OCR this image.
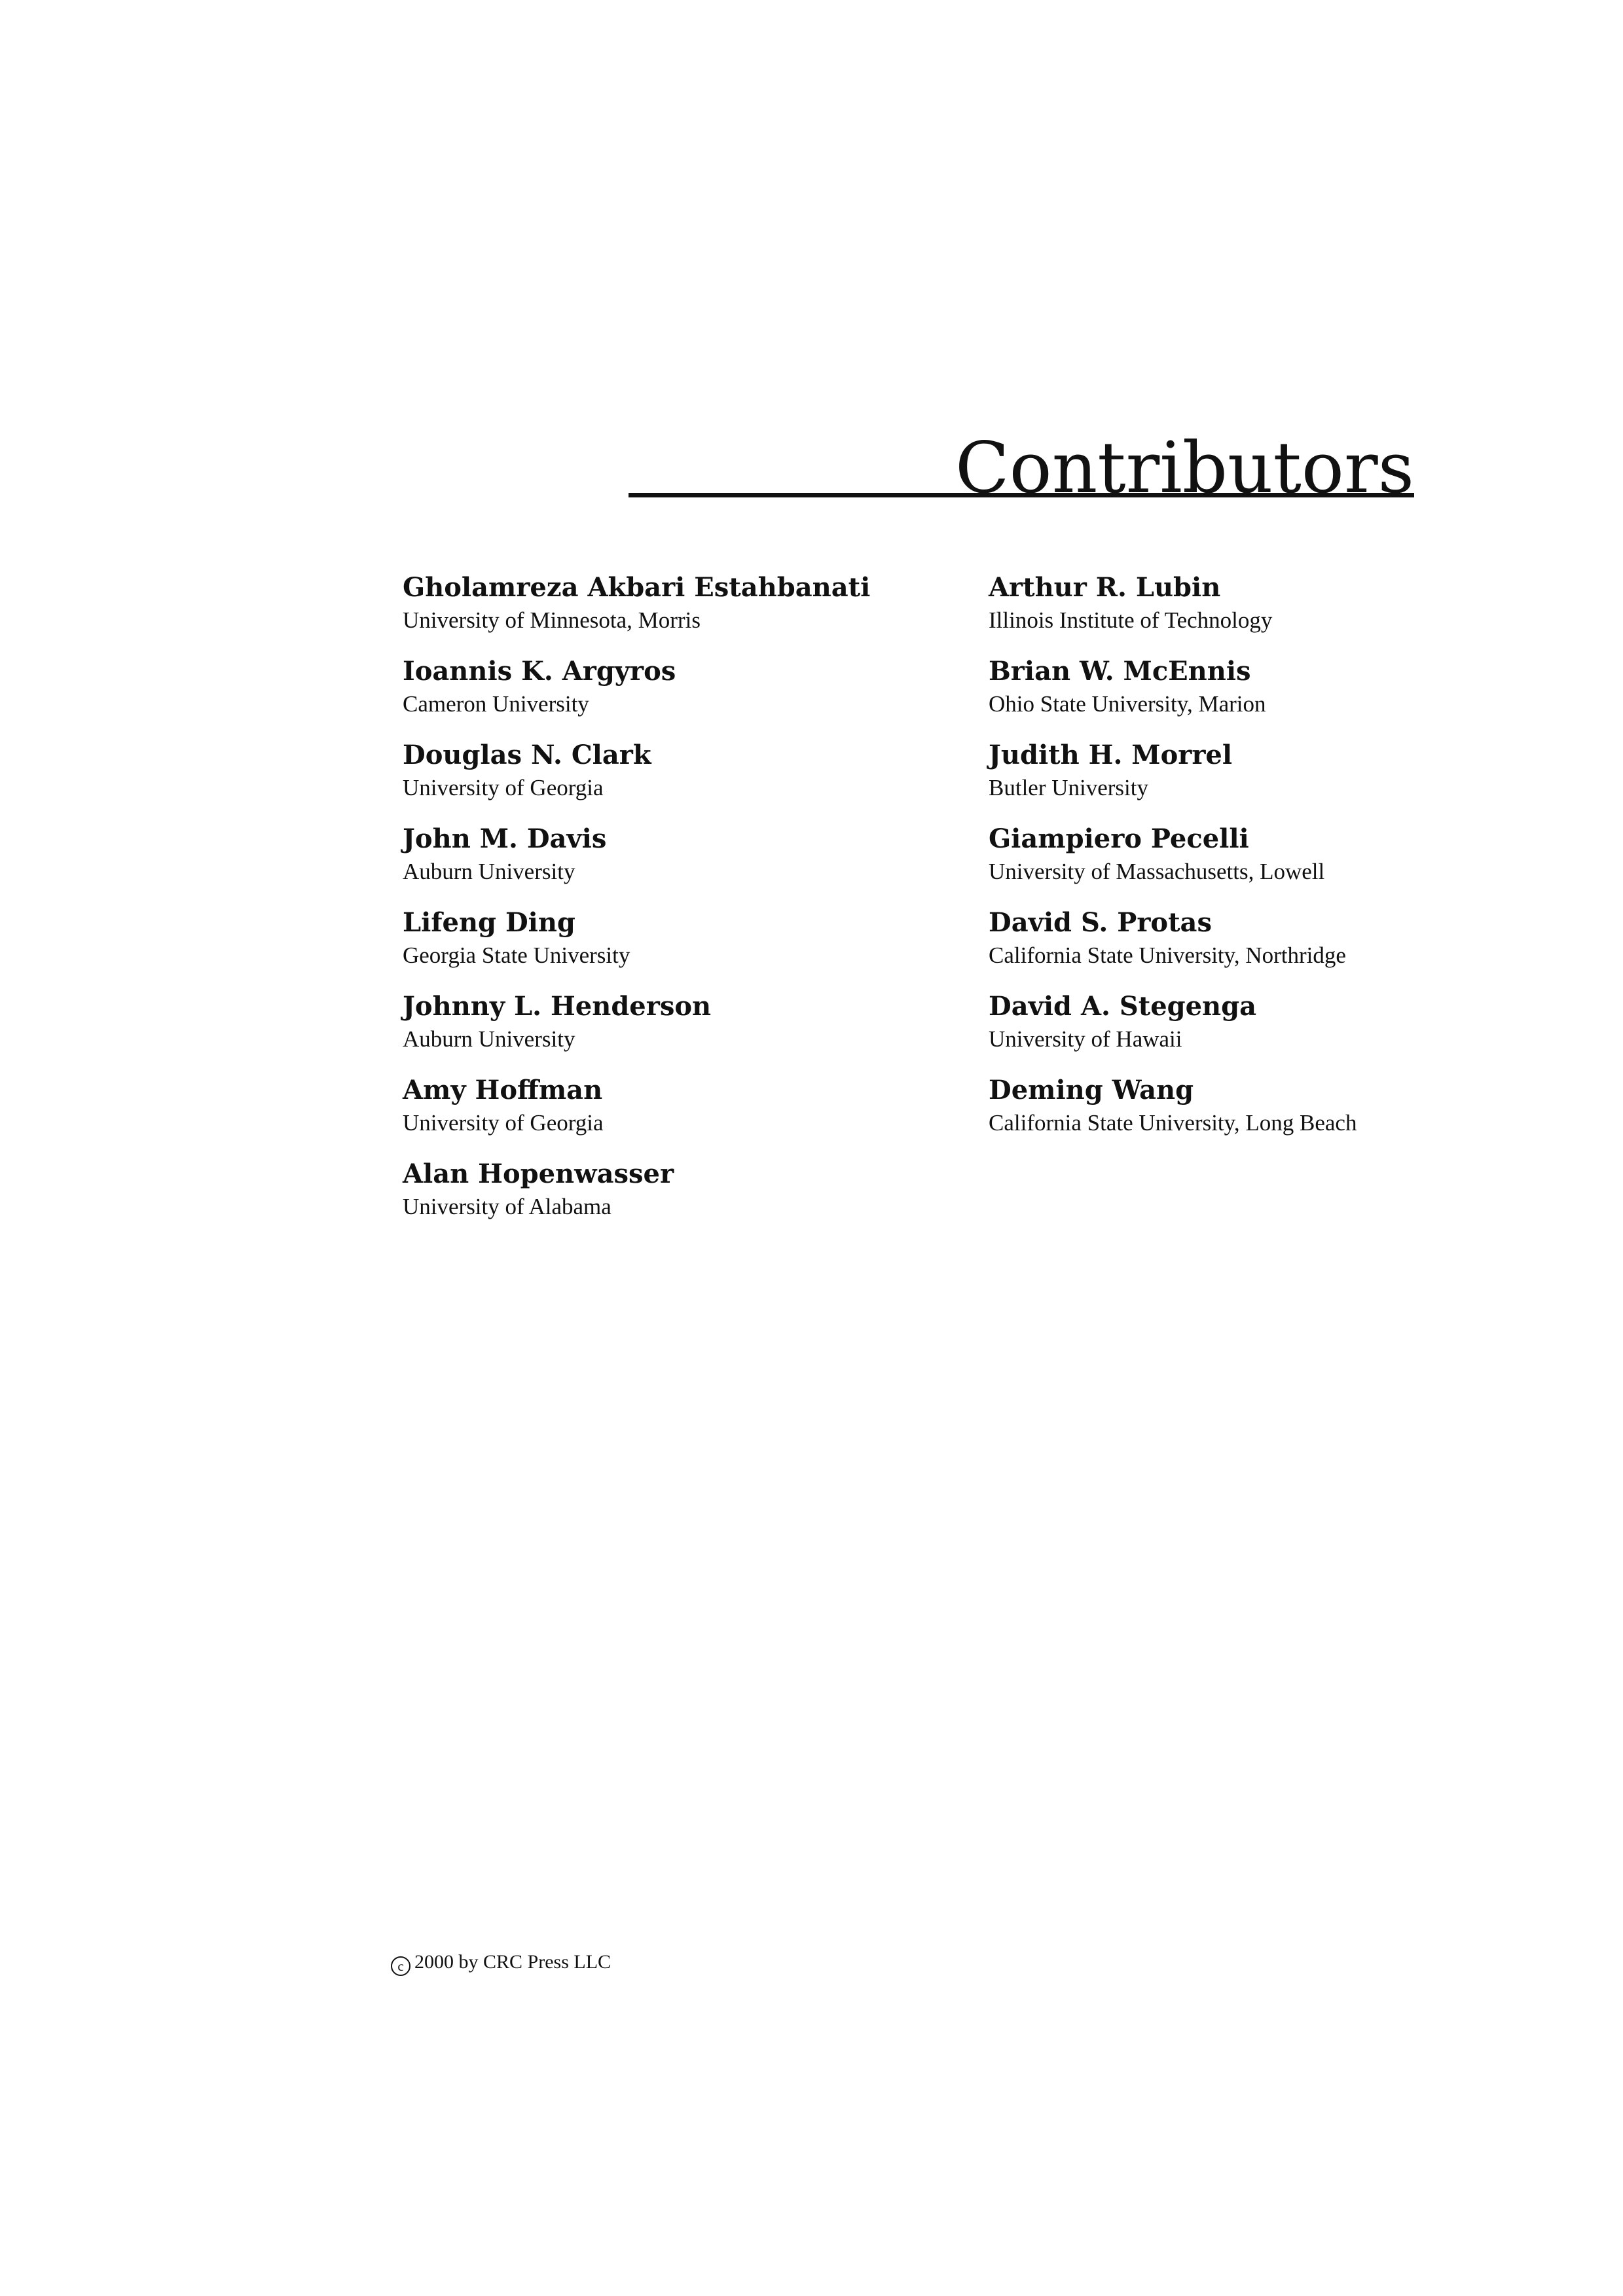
Contributors
Gholamreza Akbari Estahbanati
University of Minnesota, Morris
Ioannis K. Argyros
Cameron University
Douglas N. Clark
University of Georgia
John M. Davis
Auburn University
Lifeng Ding
Georgia State University
Johnny L. Henderson
Auburn University
Amy Hoffman
University of Georgia
Alan Hopenwasser
University of Alabama
Arthur R. Lubin
Illinois Institute of Technology
Brian W. McEnnis
Ohio State University, Marion
Judith H. Morrel
Butler University
Giampiero Pecelli
University of Massachusetts, Lowell
David S. Protas
California State University, Northridge
David A. Stegenga
University of Hawaii
Deming Wang
California State University, Long Beach
c 2000 by CRC Press LLC
